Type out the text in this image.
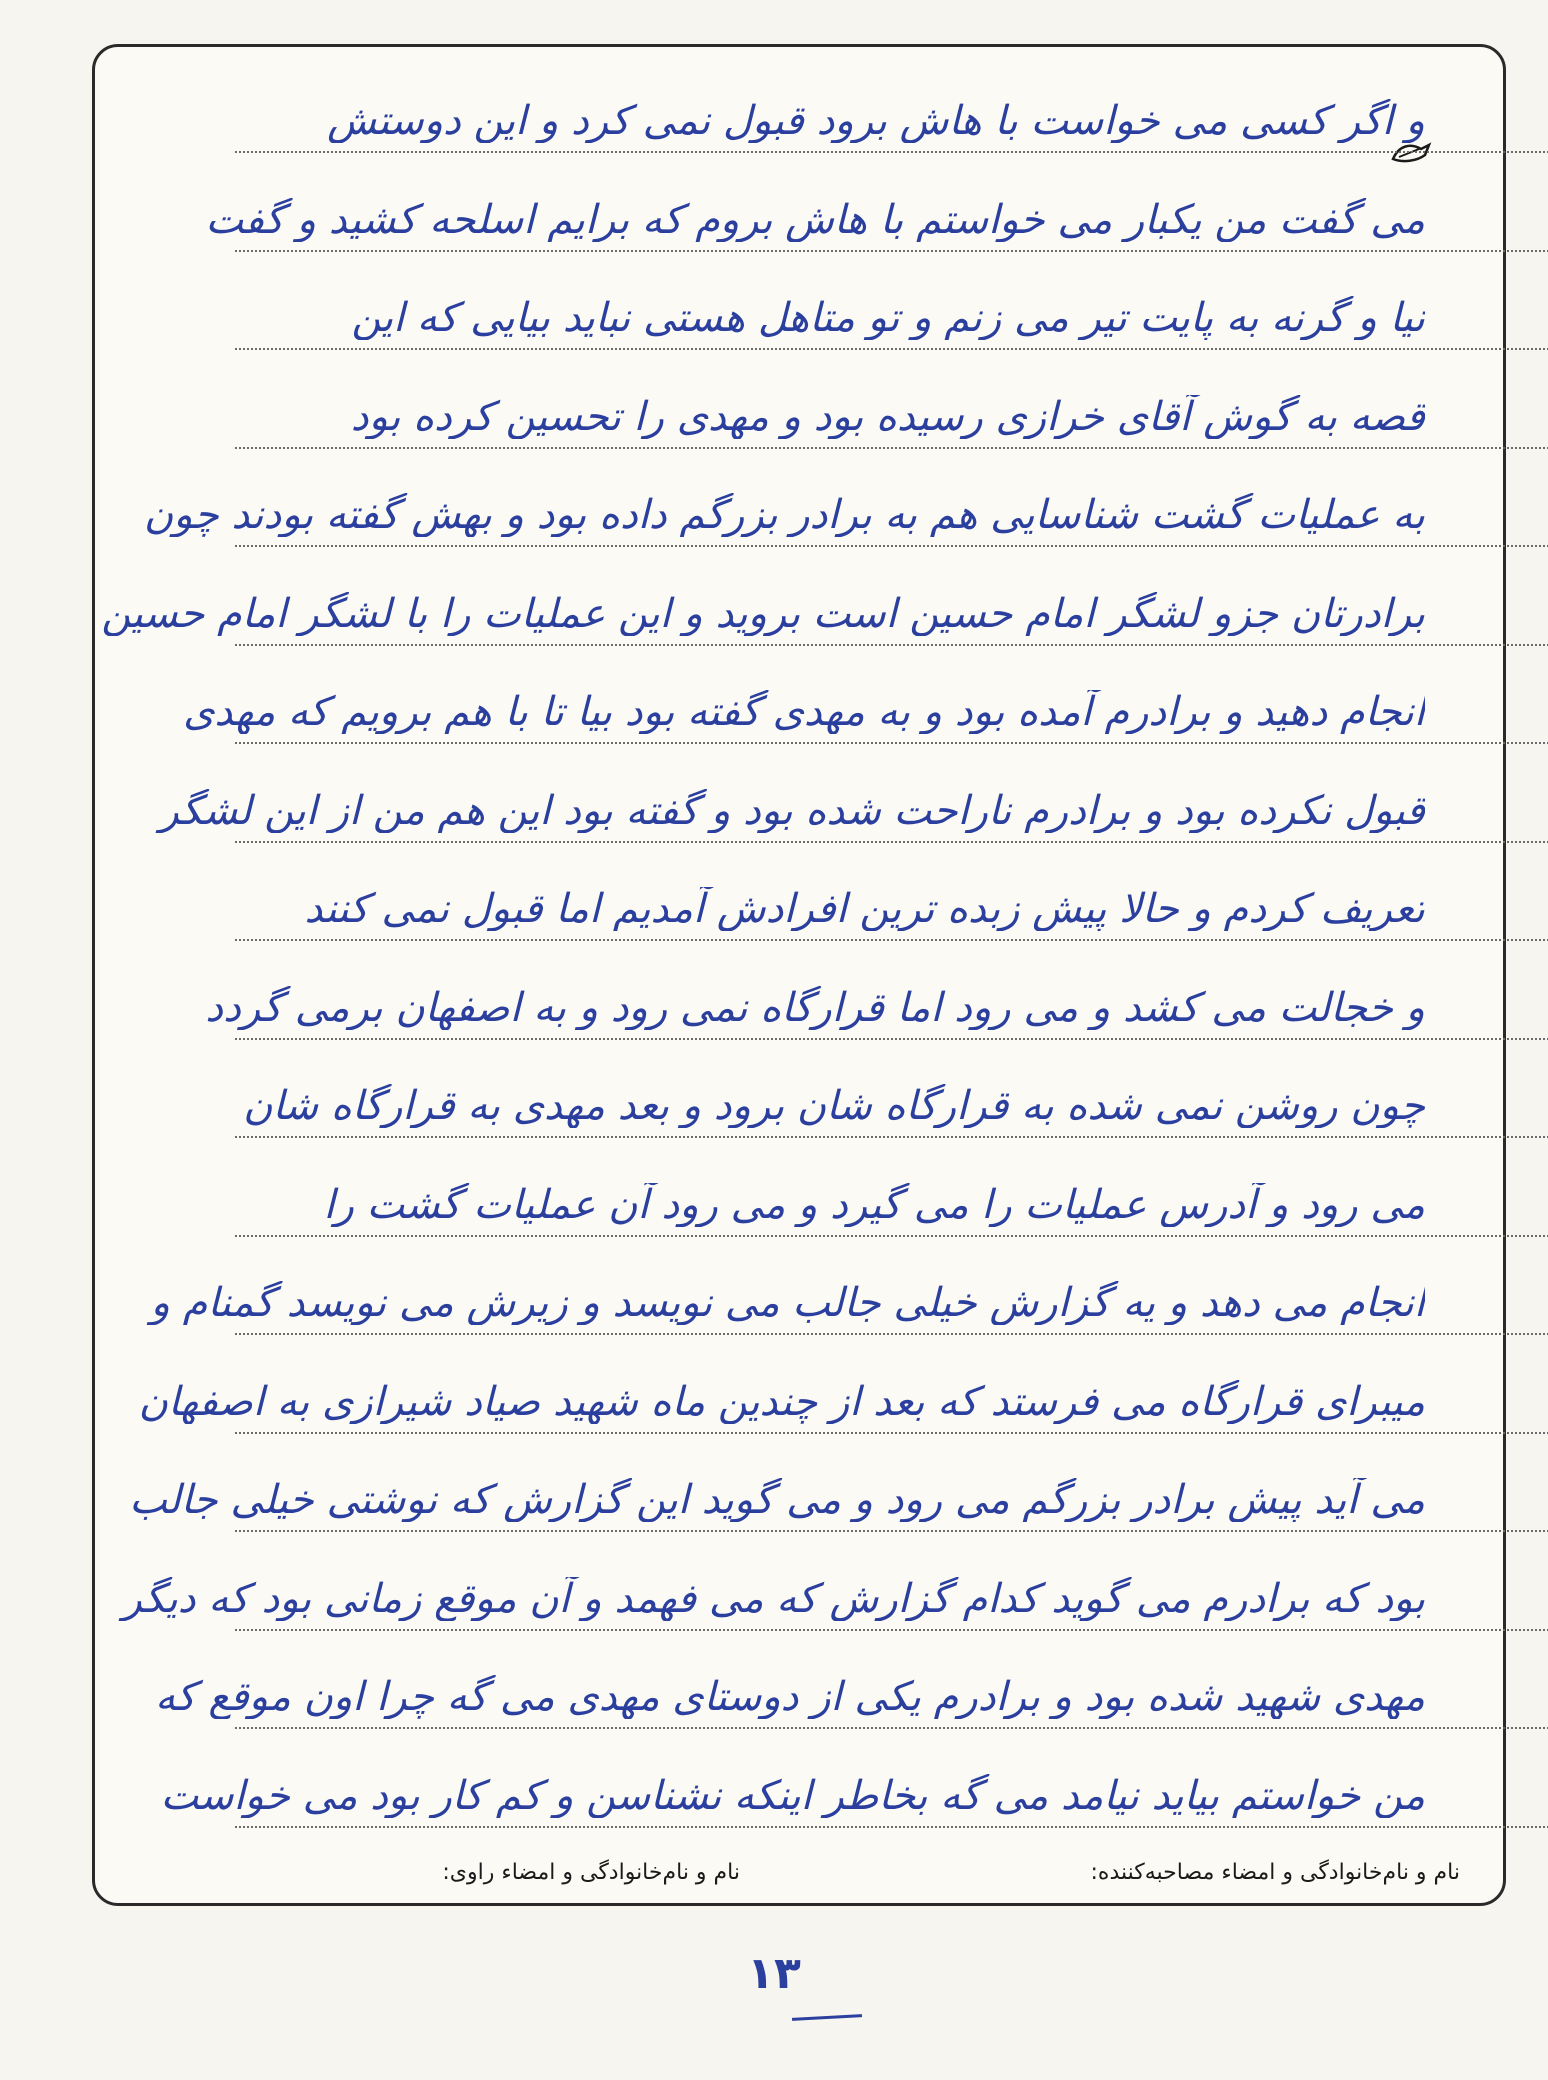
و اگر کسی می خواست با هاش برود قبول نمی کرد و این دوستش
می گفت من یکبار می خواستم با هاش بروم که برایم اسلحه کشید و گفت
نیا و گرنه به پایت تیر می زنم و تو متاهل هستی نباید بیایی که این
قصه به گوش آقای خرازی رسیده بود و مهدی را تحسین کرده بود
به عملیات گشت شناسایی هم به برادر بزرگم داده بود و بهش گفته بودند چون
برادرتان جزو لشگر امام حسین است بروید و این عملیات را با لشگر امام حسین
انجام دهید و برادرم آمده بود و به مهدی گفته بود بیا تا با هم برویم که مهدی
قبول نکرده بود و برادرم ناراحت شده بود و گفته بود این هم من از این لشگر
تعریف کردم و حالا پیش زبده ترین افرادش آمدیم اما قبول نمی کنند
و خجالت می کشد و می رود اما قرارگاه نمی رود و به اصفهان برمی گردد
چون روشن نمی شده به قرارگاه شان برود و بعد مهدی به قرارگاه شان
می رود و آدرس عملیات را می گیرد و می رود آن عملیات گشت را
انجام می دهد و یه گزارش خیلی جالب می نویسد و زیرش می نویسد گمنام و
میبرای قرارگاه می فرستد که بعد از چندین ماه شهید صیاد شیرازی به اصفهان
می آید پیش برادر بزرگم می رود و می گوید این گزارش که نوشتی خیلی جالب
بود که برادرم می گوید کدام گزارش که می فهمد و آن موقع زمانی بود که دیگر
مهدی شهید شده بود و برادرم یکی از دوستای مهدی می گه چرا اون موقع که
من خواستم بیاید نیامد می گه بخاطر اینکه نشناسن و کم کار بود می خواست
نام و نام‌خانوادگی و امضاء مصاحبه‌کننده:
نام و نام‌خانوادگی و امضاء راوی:
۱۳
